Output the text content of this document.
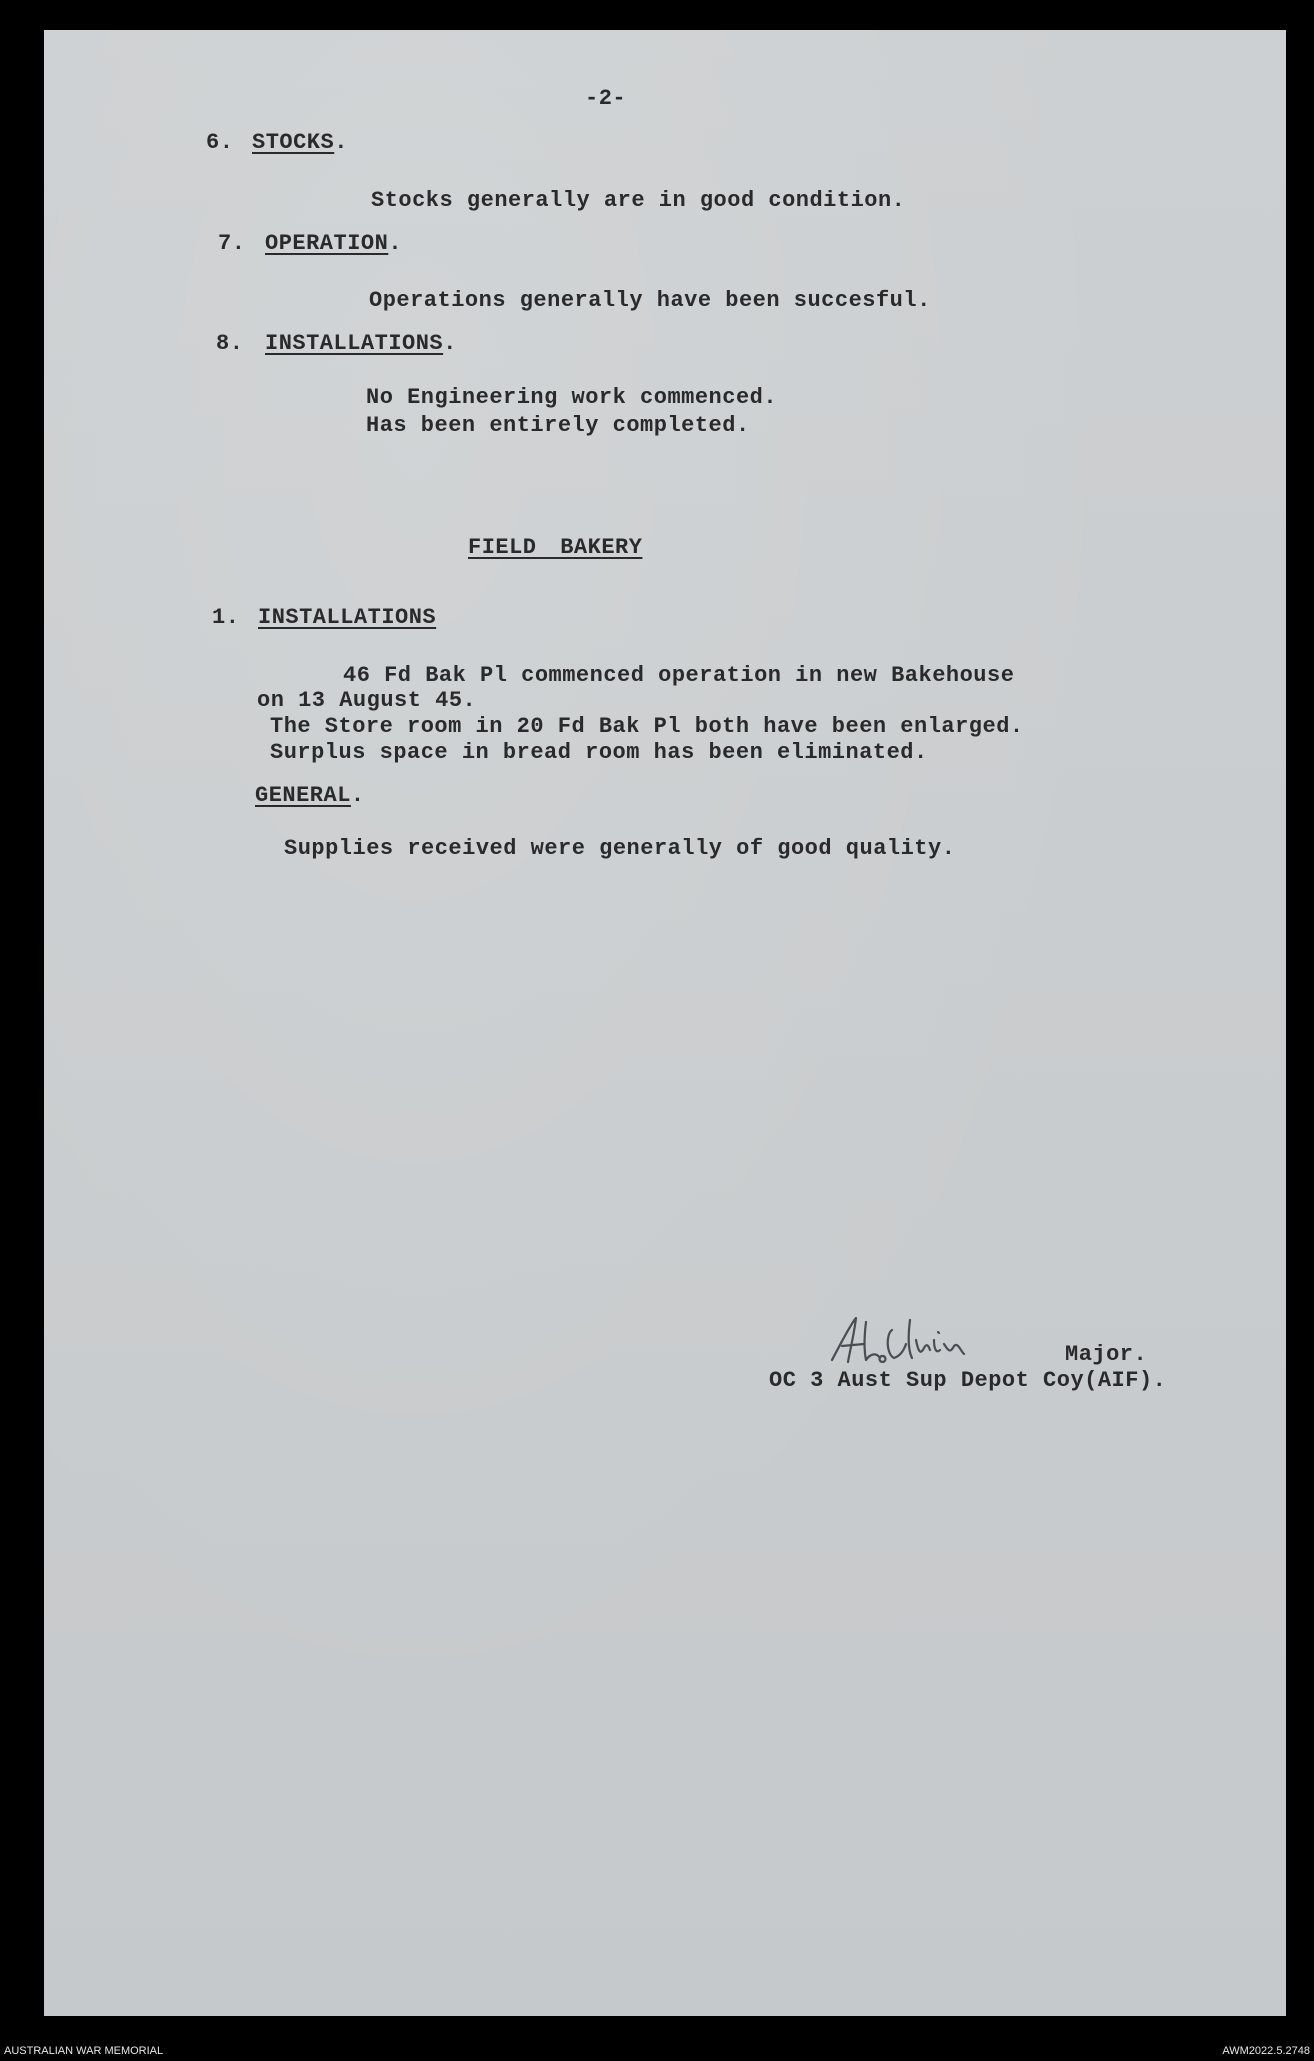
-2-
6. STOCKS.
Stocks generally are in good condition.
7. OPERATION.
Operations generally have been succesful.
8. INSTALLATIONS.
No Engineering work commenced.
Has been entirely completed.
FIELD BAKERY
1. INSTALLATIONS
46 Fd Bak Pl commenced operation in new Bakehouse
on 13 August 45.
The Store room in 20 Fd Bak Pl both have been enlarged.
Surplus space in bread room has been eliminated.
GENERAL.
Supplies received were generally of good quality.
Major.
OC 3 Aust Sup Depot Coy(AIF).
AUSTRALIAN WAR MEMORIAL	AWM2022.5.2748
